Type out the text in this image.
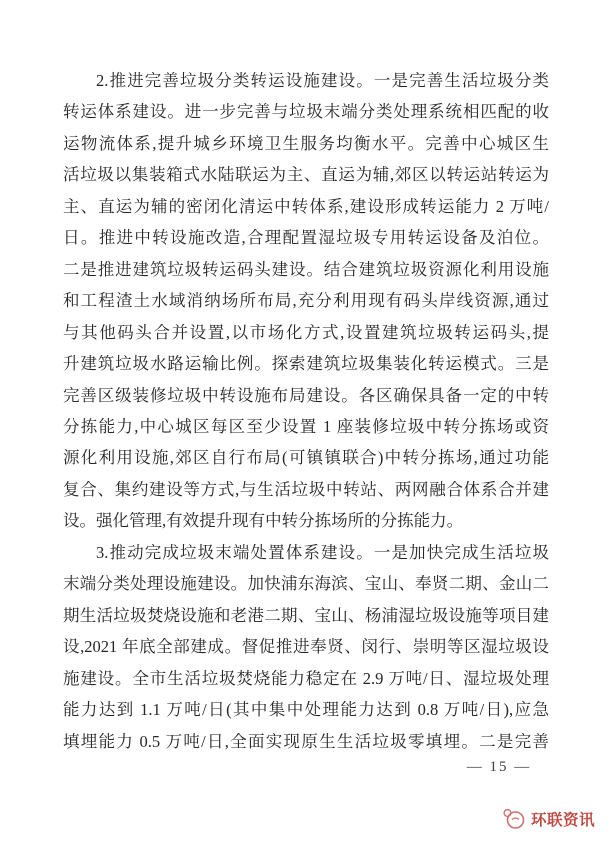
2.推进完善垃圾分类转运设施建设。一是完善生活垃圾分类
转运体系建设。进一步完善与垃圾末端分类处理系统相匹配的收
运物流体系,提升城乡环境卫生服务均衡水平。完善中心城区生
活垃圾以集装箱式水陆联运为主、直运为辅,郊区以转运站转运为
主、直运为辅的密闭化清运中转体系,建设形成转运能力 2 万吨/
日。推进中转设施改造,合理配置湿垃圾专用转运设备及泊位。
二是推进建筑垃圾转运码头建设。结合建筑垃圾资源化利用设施
和工程渣土水域消纳场所布局,充分利用现有码头岸线资源,通过
与其他码头合并设置,以市场化方式,设置建筑垃圾转运码头,提
升建筑垃圾水路运输比例。探索建筑垃圾集装化转运模式。三是
完善区级装修垃圾中转设施布局建设。各区确保具备一定的中转
分拣能力,中心城区每区至少设置 1 座装修垃圾中转分拣场或资
源化利用设施,郊区自行布局(可镇镇联合)中转分拣场,通过功能
复合、集约建设等方式,与生活垃圾中转站、两网融合体系合并建
设。强化管理,有效提升现有中转分拣场所的分拣能力。
3.推动完成垃圾末端处置体系建设。一是加快完成生活垃圾
末端分类处理设施建设。加快浦东海滨、宝山、奉贤二期、金山二
期生活垃圾焚烧设施和老港二期、宝山、杨浦湿垃圾设施等项目建
设,2021 年底全部建成。督促推进奉贤、闵行、崇明等区湿垃圾设
施建设。全市生活垃圾焚烧能力稳定在 2.9 万吨/日、湿垃圾处理
能力达到 1.1 万吨/日(其中集中处理能力达到 0.8 万吨/日),应急
填埋能力 0.5 万吨/日,全面实现原生生活垃圾零填埋。二是完善
— 15 —
环联资讯
